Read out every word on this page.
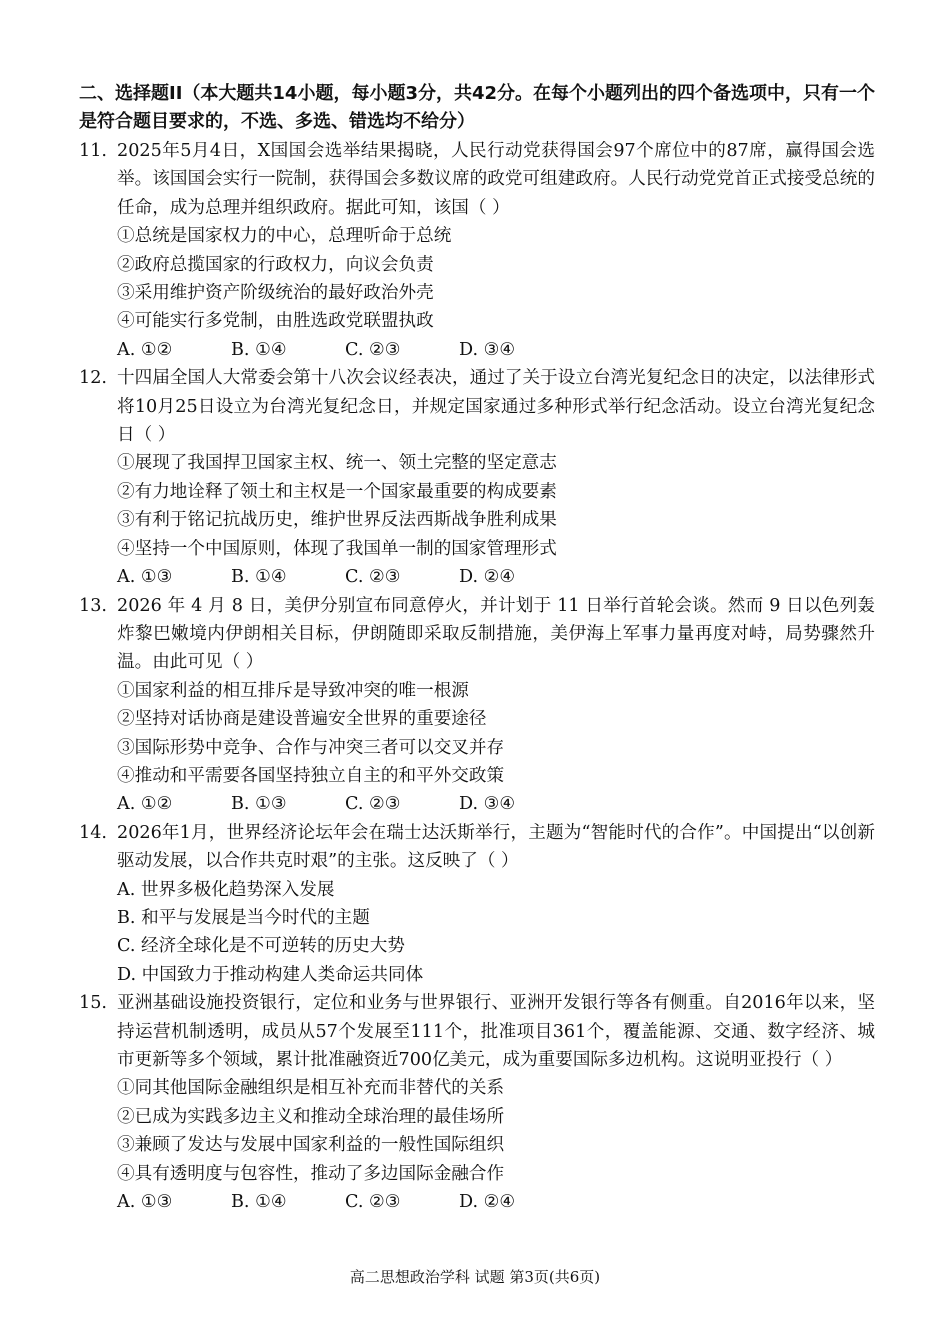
二、选择题II（本大题共14小题，每小题3分，共42分。在每个小题列出的四个备选项中，只有一个是符合题目要求的，不选、多选、错选均不给分）
11. 2025年5月4日，X国国会选举结果揭晓，人民行动党获得国会97个席位中的87席，赢得国会选举。该国国会实行一院制，获得国会多数议席的政党可组建政府。人民行动党党首正式接受总统的任命，成为总理并组织政府。据此可知，该国（ ）
①总统是国家权力的中心，总理听命于总统
②政府总揽国家的行政权力，向议会负责
③采用维护资产阶级统治的最好政治外壳
④可能实行多党制，由胜选政党联盟执政
A. ①②	B. ①④	C. ②③	D. ③④
12. 十四届全国人大常委会第十八次会议经表决，通过了关于设立台湾光复纪念日的决定，以法律形式将10月25日设立为台湾光复纪念日，并规定国家通过多种形式举行纪念活动。设立台湾光复纪念日（ ）
①展现了我国捍卫国家主权、统一、领土完整的坚定意志
②有力地诠释了领土和主权是一个国家最重要的构成要素
③有利于铭记抗战历史，维护世界反法西斯战争胜利成果
④坚持一个中国原则，体现了我国单一制的国家管理形式
A. ①③	B. ①④	C. ②③	D. ②④
13. 2026 年 4 月 8 日，美伊分别宣布同意停火，并计划于 11 日举行首轮会谈。然而 9 日以色列轰炸黎巴嫩境内伊朗相关目标，伊朗随即采取反制措施，美伊海上军事力量再度对峙，局势骤然升温。由此可见（ ）
①国家利益的相互排斥是导致冲突的唯一根源
②坚持对话协商是建设普遍安全世界的重要途径
③国际形势中竞争、合作与冲突三者可以交叉并存
④推动和平需要各国坚持独立自主的和平外交政策
A. ①②	B. ①③	C. ②③	D. ③④
14. 2026年1月，世界经济论坛年会在瑞士达沃斯举行，主题为“智能时代的合作”。中国提出“以创新驱动发展，以合作共克时艰”的主张。这反映了（ ）
A. 世界多极化趋势深入发展
B. 和平与发展是当今时代的主题
C. 经济全球化是不可逆转的历史大势
D. 中国致力于推动构建人类命运共同体
15. 亚洲基础设施投资银行，定位和业务与世界银行、亚洲开发银行等各有侧重。自2016年以来，坚持运营机制透明，成员从57个发展至111个，批准项目361个，覆盖能源、交通、数字经济、城市更新等多个领域，累计批准融资近700亿美元，成为重要国际多边机构。这说明亚投行（ ）
①同其他国际金融组织是相互补充而非替代的关系
②已成为实践多边主义和推动全球治理的最佳场所
③兼顾了发达与发展中国家利益的一般性国际组织
④具有透明度与包容性，推动了多边国际金融合作
A. ①③	B. ①④	C. ②③	D. ②④
高二思想政治学科 试题 第3页(共6页)
